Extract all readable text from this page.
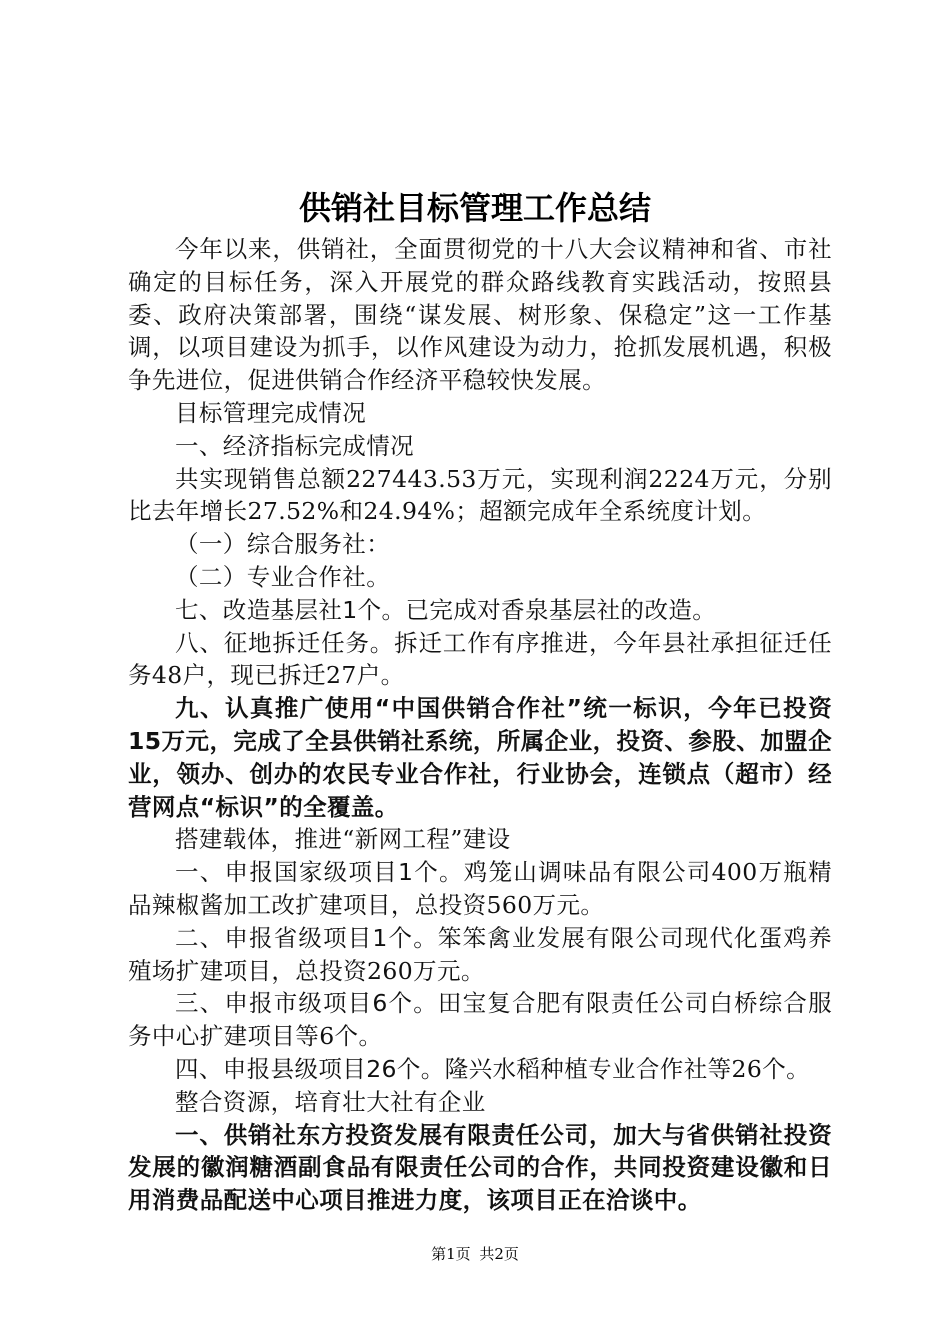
供销社目标管理工作总结

今年以来，供销社，全面贯彻党的十八大会议精神和省、市社确定的目标任务，深入开展党的群众路线教育实践活动，按照县委、政府决策部署，围绕“谋发展、树形象、保稳定”这一工作基调，以项目建设为抓手，以作风建设为动力，抢抓发展机遇，积极争先进位，促进供销合作经济平稳较快发展。

目标管理完成情况

一、经济指标完成情况

共实现销售总额227443.53万元，实现利润2224万元，分别比去年增长27.52%和24.94%；超额完成年全系统度计划。

（一）综合服务社：

（二）专业合作社。

七、改造基层社1个。已完成对香泉基层社的改造。

八、征地拆迁任务。拆迁工作有序推进，今年县社承担征迁任务48户，现已拆迁27户。

九、认真推广使用“中国供销合作社”统一标识，今年已投资15万元，完成了全县供销社系统，所属企业，投资、参股、加盟企业，领办、创办的农民专业合作社，行业协会，连锁点（超市）经营网点“标识”的全覆盖。

搭建载体，推进“新网工程”建设

一、申报国家级项目1个。鸡笼山调味品有限公司400万瓶精品辣椒酱加工改扩建项目，总投资560万元。

二、申报省级项目1个。笨笨禽业发展有限公司现代化蛋鸡养殖场扩建项目，总投资260万元。

三、申报市级项目6个。田宝复合肥有限责任公司白桥综合服务中心扩建项目等6个。

四、申报县级项目26个。隆兴水稻种植专业合作社等26个。

整合资源，培育壮大社有企业

一、供销社东方投资发展有限责任公司，加大与省供销社投资发展的徽润糖酒副食品有限责任公司的合作，共同投资建设徽和日用消费品配送中心项目推进力度，该项目正在洽谈中。

第1页 共2页
